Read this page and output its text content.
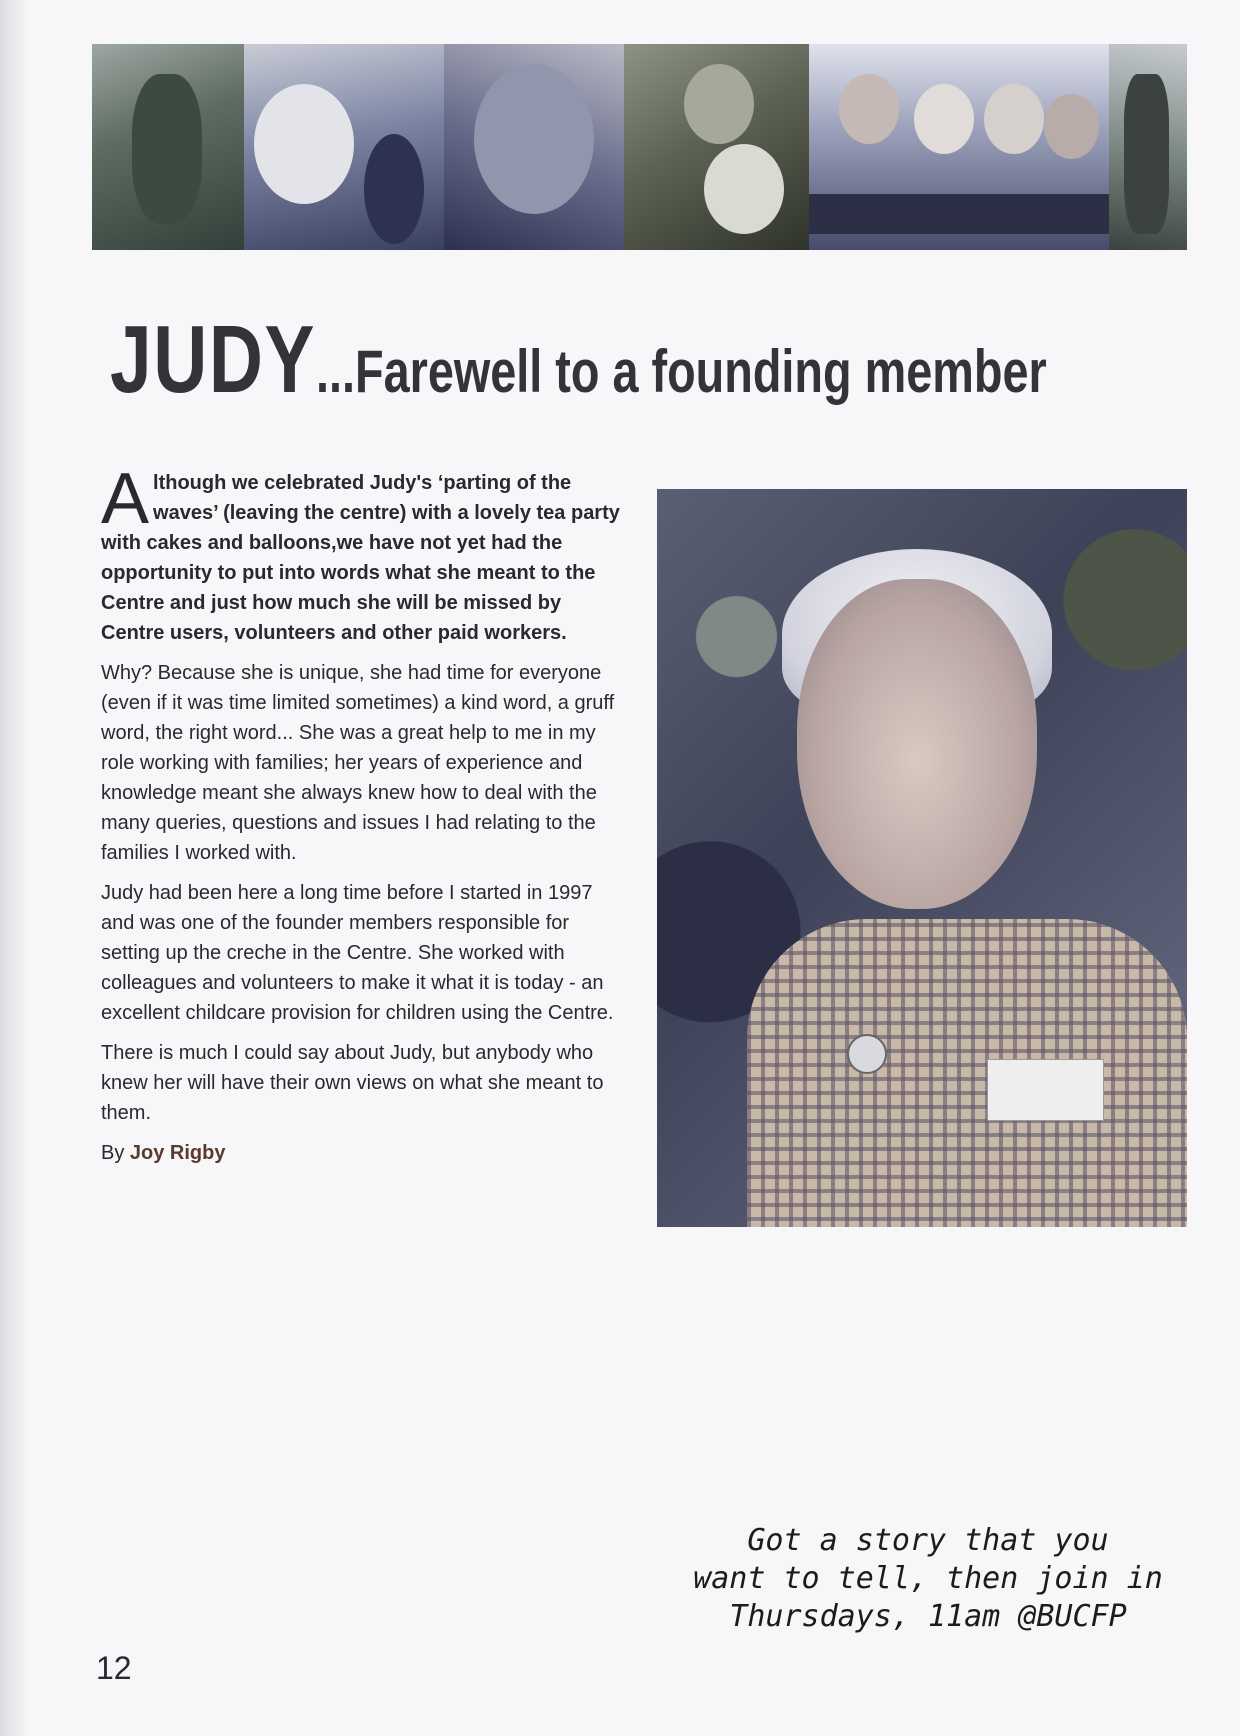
JUDY...Farewell to a founding member

Although we celebrated Judy's ‘parting of the waves’ (leaving the centre) with a lovely tea party with cakes and balloons,we have not yet had the opportunity to put into words what she meant to the Centre and just how much she will be missed by Centre users, volunteers and other paid workers.

Why? Because she is unique, she had time for everyone (even if it was time limited sometimes) a kind word, a gruff word, the right word... She was a great help to me in my role working with families; her years of experience and knowledge meant she always knew how to deal with the many queries, questions and issues I had relating to the families I worked with.

Judy had been here a long time before I started in 1997 and was one of the founder members responsible for setting up the creche in the Centre. She worked with colleagues and volunteers to make it what it is today - an excellent childcare provision for children using the Centre.

There is much I could say about Judy, but anybody who knew her will have their own views on what she meant to them.

By Joy Rigby

Got a story that you
want to tell, then join in
Thursdays, 11am @BUCFP
12
